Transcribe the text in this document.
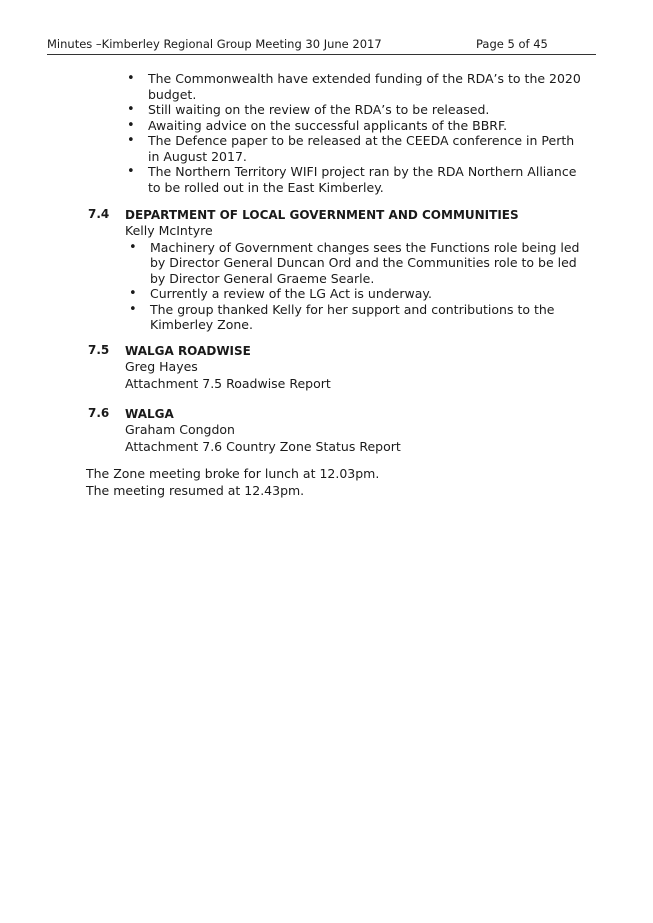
Minutes –Kimberley Regional Group Meeting 30 June 2017	Page 5 of 45
• The Commonwealth have extended funding of the RDA’s to the 2020 budget.
• Still waiting on the review of the RDA’s to be released.
• Awaiting advice on the successful applicants of the BBRF.
• The Defence paper to be released at the CEEDA conference in Perth in August 2017.
• The Northern Territory WIFI project ran by the RDA Northern Alliance to be rolled out in the East Kimberley.
7.4 DEPARTMENT OF LOCAL GOVERNMENT AND COMMUNITIES
Kelly McIntyre
• Machinery of Government changes sees the Functions role being led by Director General Duncan Ord and the Communities role to be led by Director General Graeme Searle.
• Currently a review of the LG Act is underway.
• The group thanked Kelly for her support and contributions to the Kimberley Zone.
7.5 WALGA ROADWISE
Greg Hayes
Attachment 7.5 Roadwise Report
7.6 WALGA
Graham Congdon
Attachment 7.6 Country Zone Status Report
The Zone meeting broke for lunch at 12.03pm.
The meeting resumed at 12.43pm.
